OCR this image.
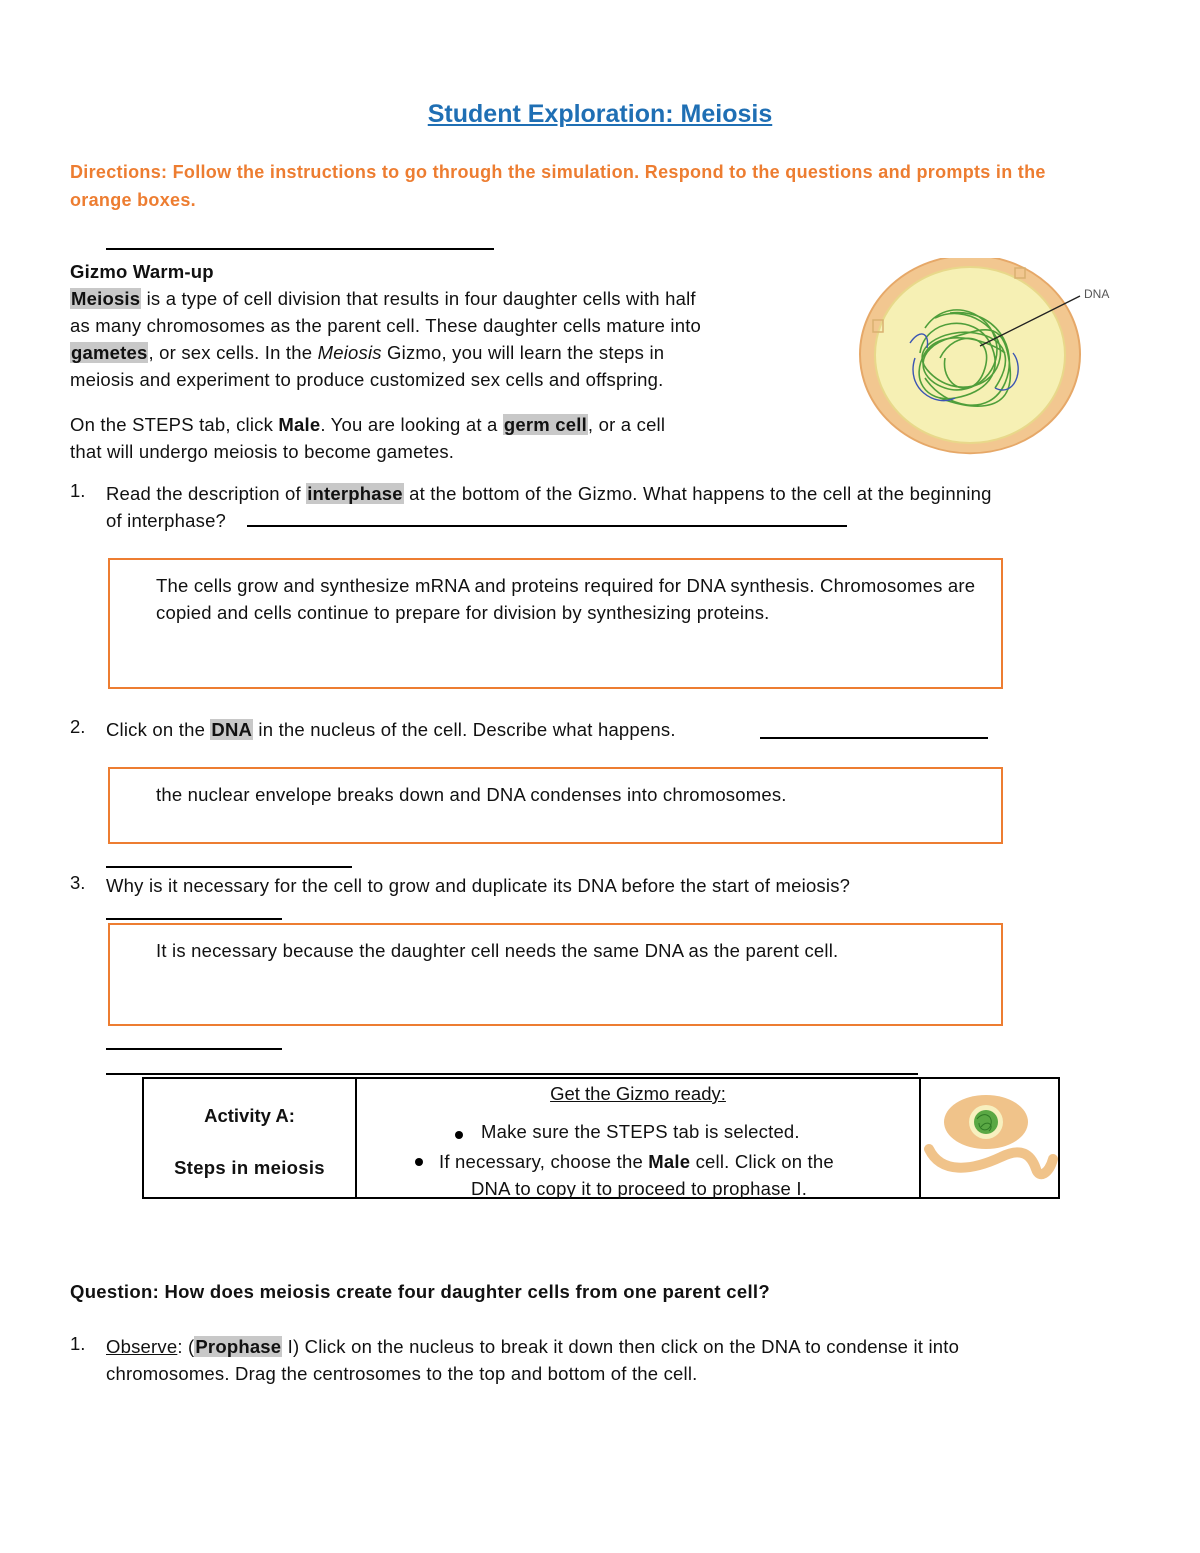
Student Exploration: Meiosis
Directions: Follow the instructions to go through the simulation. Respond to the questions and prompts in the orange boxes.
Gizmo Warm-up
Meiosis is a type of cell division that results in four daughter cells with half
as many chromosomes as the parent cell. These daughter cells mature into
gametes, or sex cells. In the Meiosis Gizmo, you will learn the steps in
meiosis and experiment to produce customized sex cells and offspring.
On the STEPS tab, click Male. You are looking at a germ cell, or a cell
that will undergo meiosis to become gametes.
DNA
1. Read the description of interphase at the bottom of the Gizmo. What happens to the cell at the beginning
of interphase?
The cells grow and synthesize mRNA and proteins required for DNA synthesis. Chromosomes are copied and cells continue to prepare for division by synthesizing proteins.
2. Click on the DNA in the nucleus of the cell. Describe what happens.
the nuclear envelope breaks down and DNA condenses into chromosomes.
3. Why is it necessary for the cell to grow and duplicate its DNA before the start of meiosis?
It is necessary because the daughter cell needs the same DNA as the parent cell.
Activity A:
Steps in meiosis
Get the Gizmo ready:
Make sure the STEPS tab is selected.
If necessary, choose the Male cell. Click on the
DNA to copy it to proceed to prophase I.
Question: How does meiosis create four daughter cells from one parent cell?
1. Observe: (Prophase I) Click on the nucleus to break it down then click on the DNA to condense it into
chromosomes. Drag the centrosomes to the top and bottom of the cell.
